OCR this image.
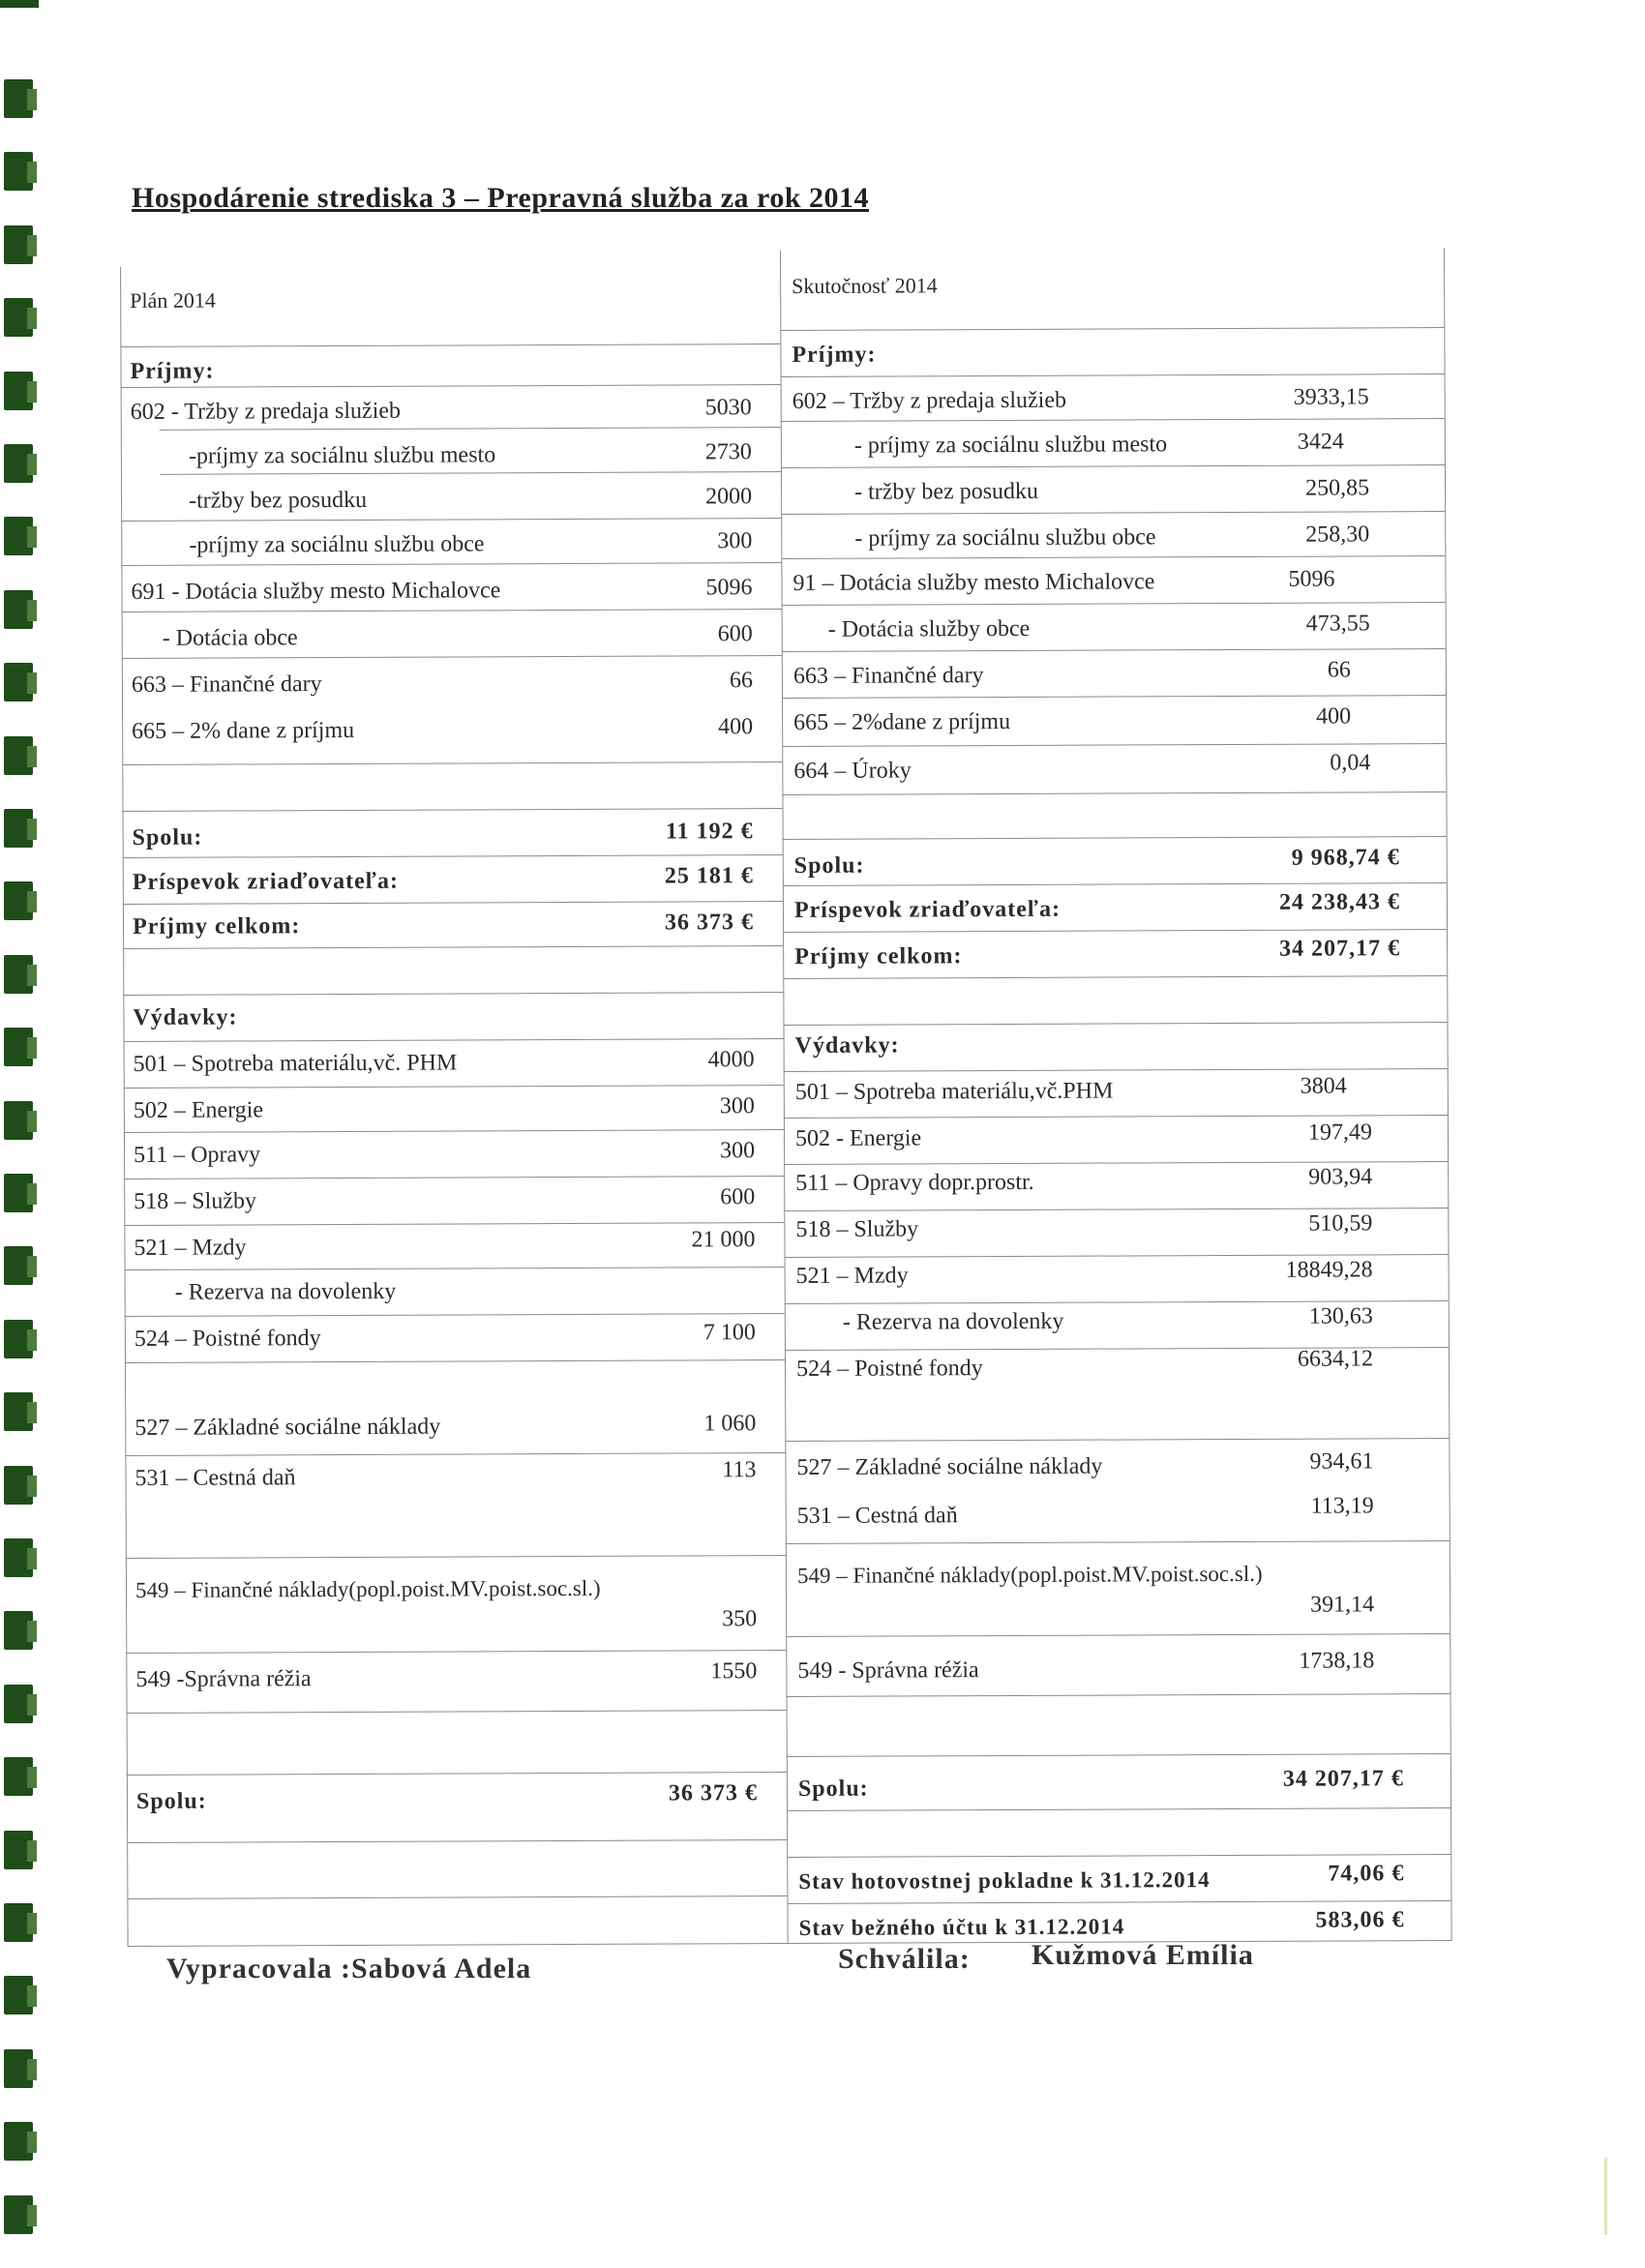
Hospodárenie strediska 3 – Prepravná služba za rok 2014
Plán 2014
Príjmy:
602 - Tržby z predaja služieb	5030
-príjmy za sociálnu službu mesto	2730
-tržby bez posudku	2000
-príjmy za sociálnu službu obce	300
691 - Dotácia služby mesto Michalovce	5096
- Dotácia obce	600
663 – Finančné dary	66
665 – 2% dane z príjmu	400
Spolu:	11 192 €
Príspevok zriaďovateľa:	25 181 €
Príjmy celkom:	36 373 €
Výdavky:
501 – Spotreba materiálu,vč. PHM	4000
502 – Energie	300
511 – Opravy	300
518 – Služby	600
521 – Mzdy	21 000
- Rezerva na dovolenky
524 – Poistné fondy	7 100
527 – Základné sociálne náklady	1 060
531 – Cestná daň	113
549 – Finančné náklady(popl.poist.MV.poist.soc.sl.)
350
549 -Správna réžia	1550
Spolu:	36 373 €
Skutočnosť 2014
Príjmy:
602 – Tržby z predaja služieb	3933,15
- príjmy za sociálnu službu mesto	3424
- tržby bez posudku	250,85
- príjmy za sociálnu službu obce	258,30
91 – Dotácia služby mesto Michalovce	5096
- Dotácia služby obce	473,55
663 – Finančné dary	66
665 – 2%dane z príjmu	400
664 – Úroky	0,04
Spolu:	9 968,74 €
Príspevok zriaďovateľa:	24 238,43 €
Príjmy celkom:	34 207,17 €
Výdavky:
501 – Spotreba materiálu,vč.PHM	3804
502 - Energie	197,49
511 – Opravy dopr.prostr.	903,94
518 – Služby	510,59
521 – Mzdy	18849,28
- Rezerva na dovolenky	130,63
524 – Poistné fondy	6634,12
527 – Základné sociálne náklady	934,61
531 – Cestná daň	113,19
549 – Finančné náklady(popl.poist.MV.poist.soc.sl.)
391,14
549 - Správna réžia	1738,18
Spolu:	34 207,17 €
Stav hotovostnej pokladne k 31.12.2014	74,06 €
Stav bežného účtu k 31.12.2014	583,06 €
Vypracovala :Sabová Adela	Schválila: Kužmová Emília
